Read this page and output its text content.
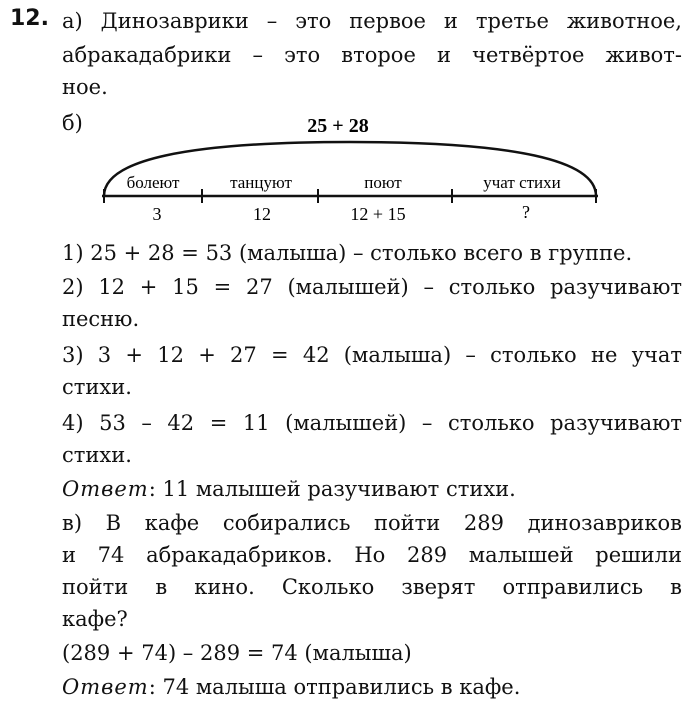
12. а) Динозаврики – это первое и третье животное,
абракадабрики – это второе и четвёртое живот-
ное.
б)	25 + 28
болеют	танцуют	поют	учат стихи
3	12	12 + 15	?
1) 25 + 28 = 53 (малыша) – столько всего в группе.
2) 12 + 15 = 27 (малышей) – столько разучивают
песню.
3) 3 + 12 + 27 = 42 (малыша) – столько не учат
стихи.
4) 53 – 42 = 11 (малышей) – столько разучивают
стихи.
Ответ: 11 малышей разучивают стихи.
в) В кафе собирались пойти 289 динозавриков
и 74 абракадабриков. Но 289 малышей решили
пойти в кино. Сколько зверят отправились в
кафе?
(289 + 74) – 289 = 74 (малыша)
Ответ: 74 малыша отправились в кафе.
